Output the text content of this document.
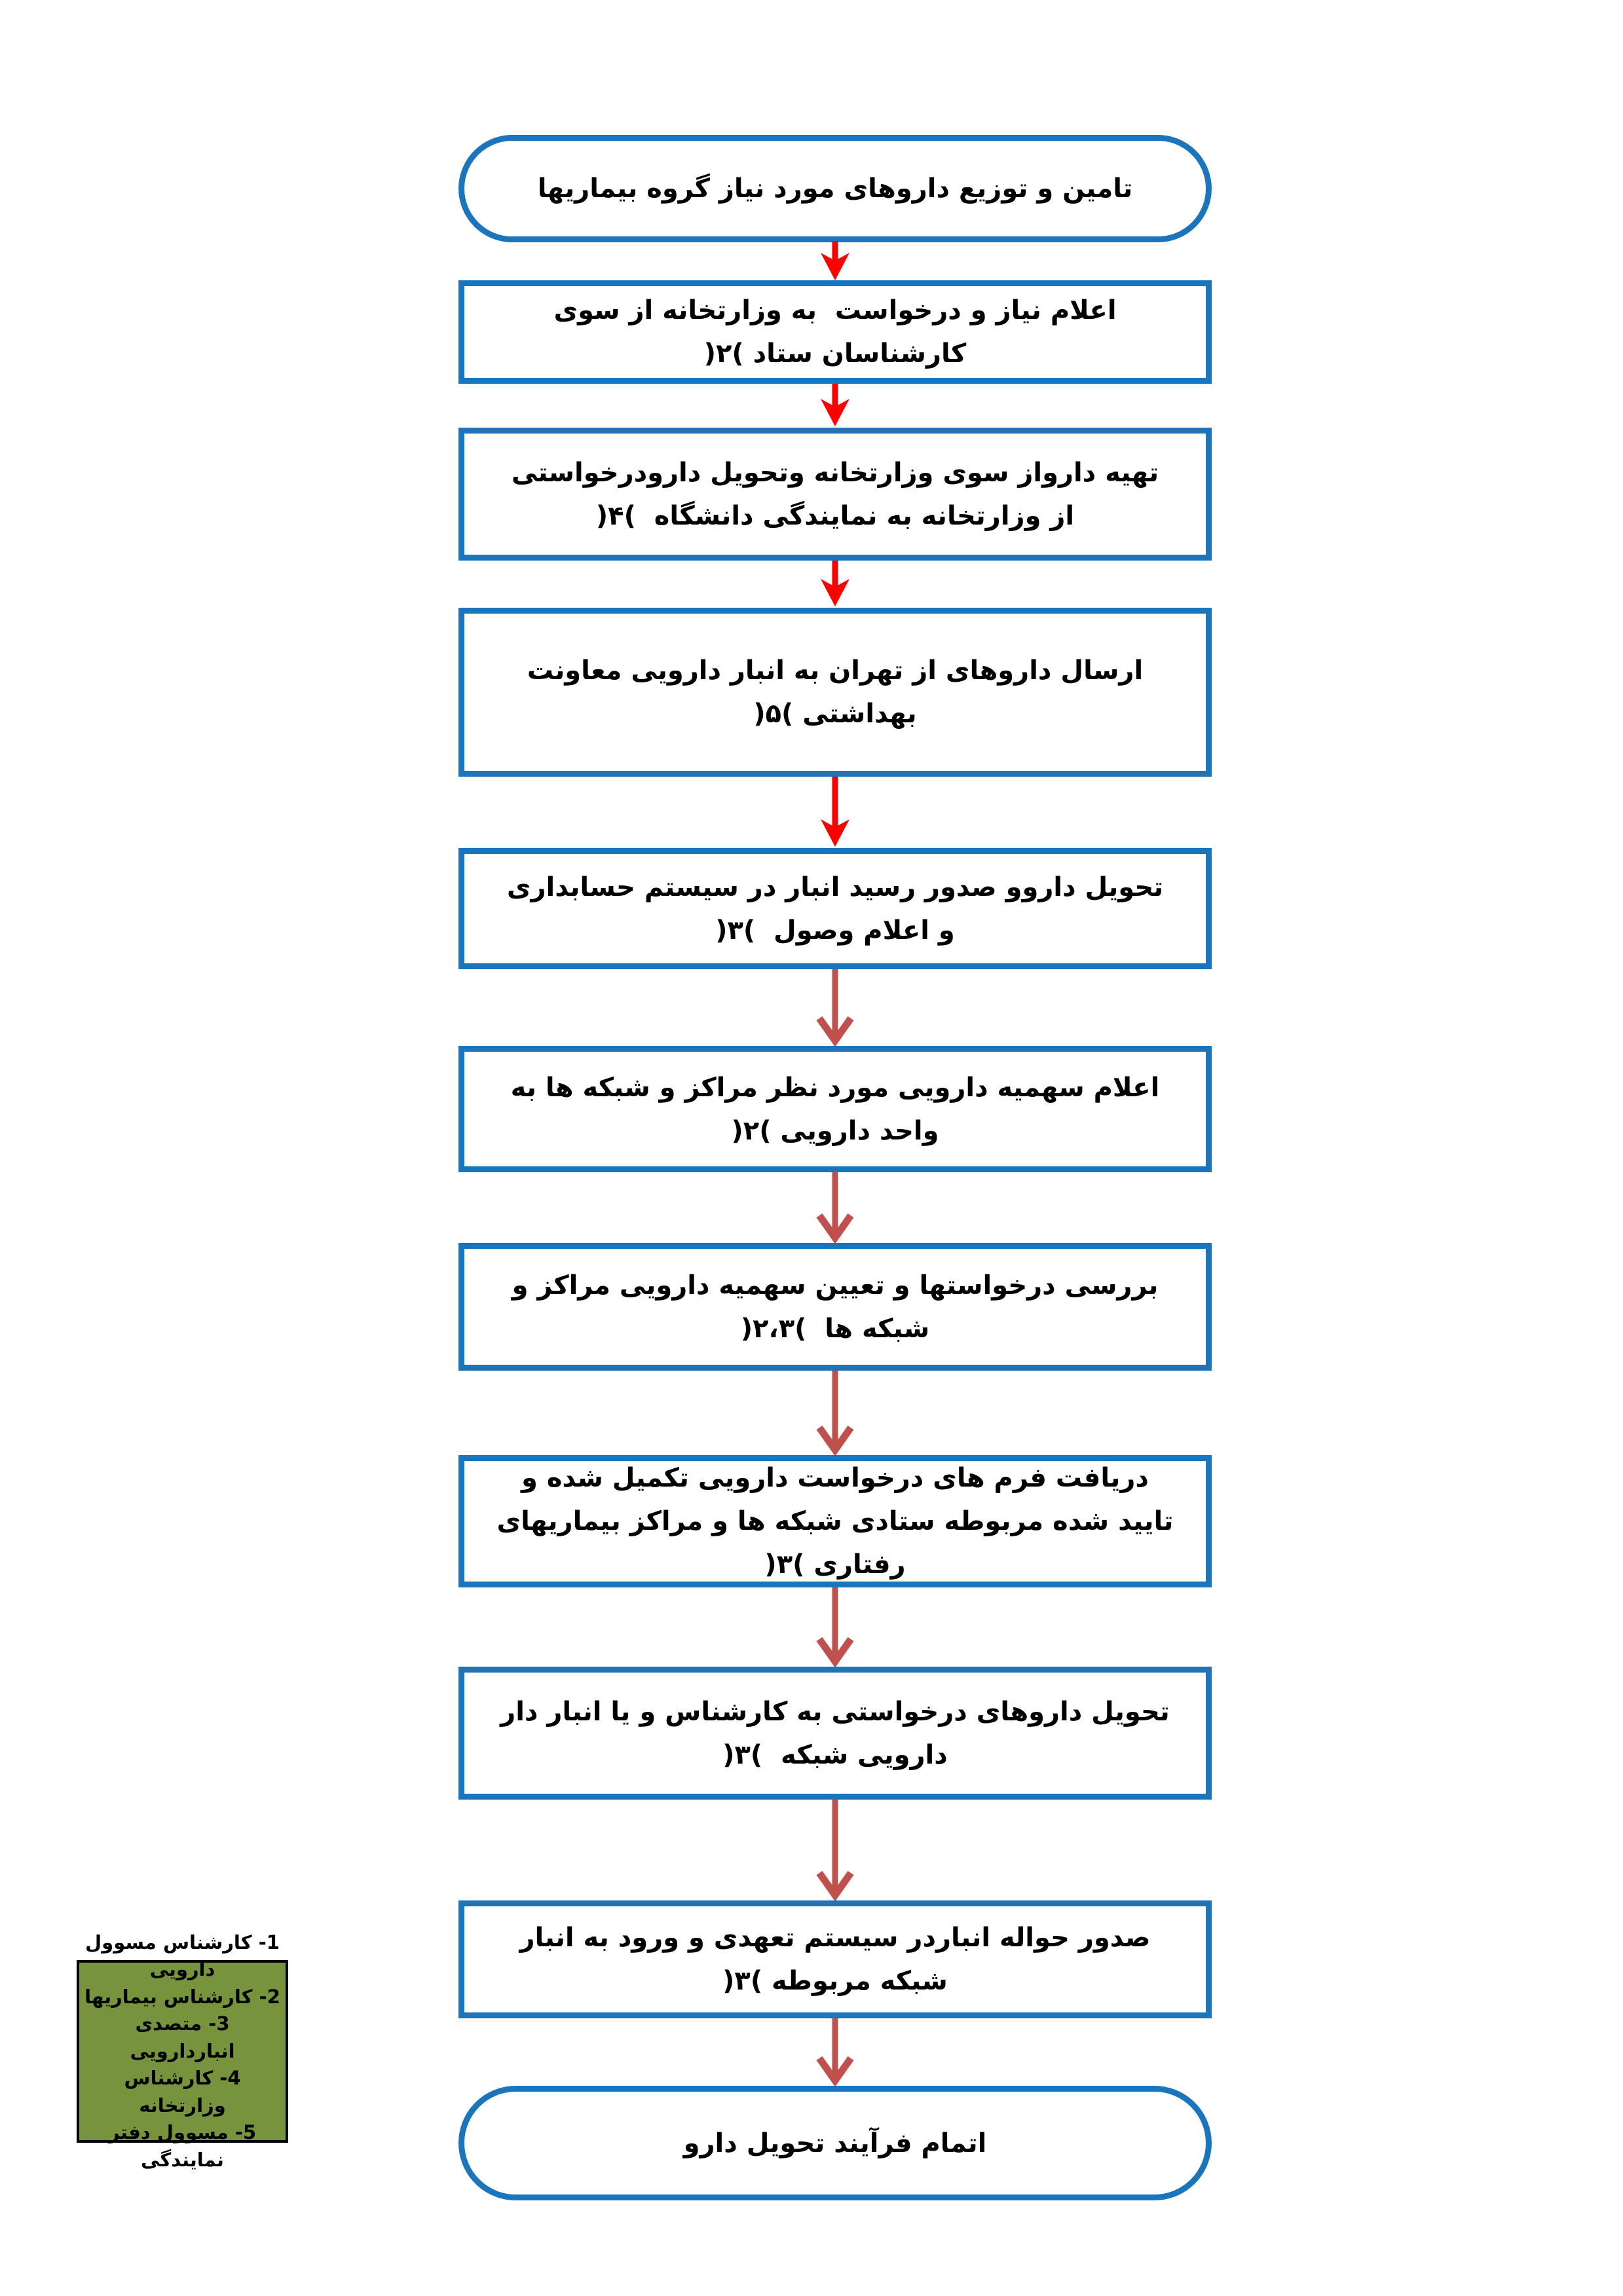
تامین و توزیع داروهای مورد نیاز گروه بیماریها
اعلام نیاز و درخواست  به وزارتخانه از سوی کارشناسان ستاد )۲(
تهیه دارواز سوی وزارتخانه وتحویل دارودرخواستی از وزارتخانه به نمایندگی دانشگاه  )۴(
ارسال داروهای از تهران به انبار دارویی معاونت بهداشتی )۵(
تحویل داروو صدور رسید انبار در سیستم حسابداری  و اعلام وصول  )۳(
اعلام سهمیه دارویی مورد نظر مراکز و شبکه ها به واحد دارویی )۲(
بررسی درخواستها و تعیین سهمیه دارویی مراکز و شبکه ها  )۲،۳(
دریافت فرم های درخواست دارویی تکمیل شده و تایید شده مربوطه ستادی شبکه ها و مراکز بیماریهای رفتاری )۳(
تحویل داروهای درخواستی به کارشناس و یا انبار دار دارویی شبکه  )۳(
صدور حواله انباردر سیستم تعهدی و ورود به انبار  شبکه مربوطه )۳(
اتمام فرآیند تحویل دارو
1- کارشناس مسوول دارویی
2- کارشناس بیماریها
3- متصدی انباردارویی
4- کارشناس وزارتخانه
5- مسوول دفتر نمایندگی
